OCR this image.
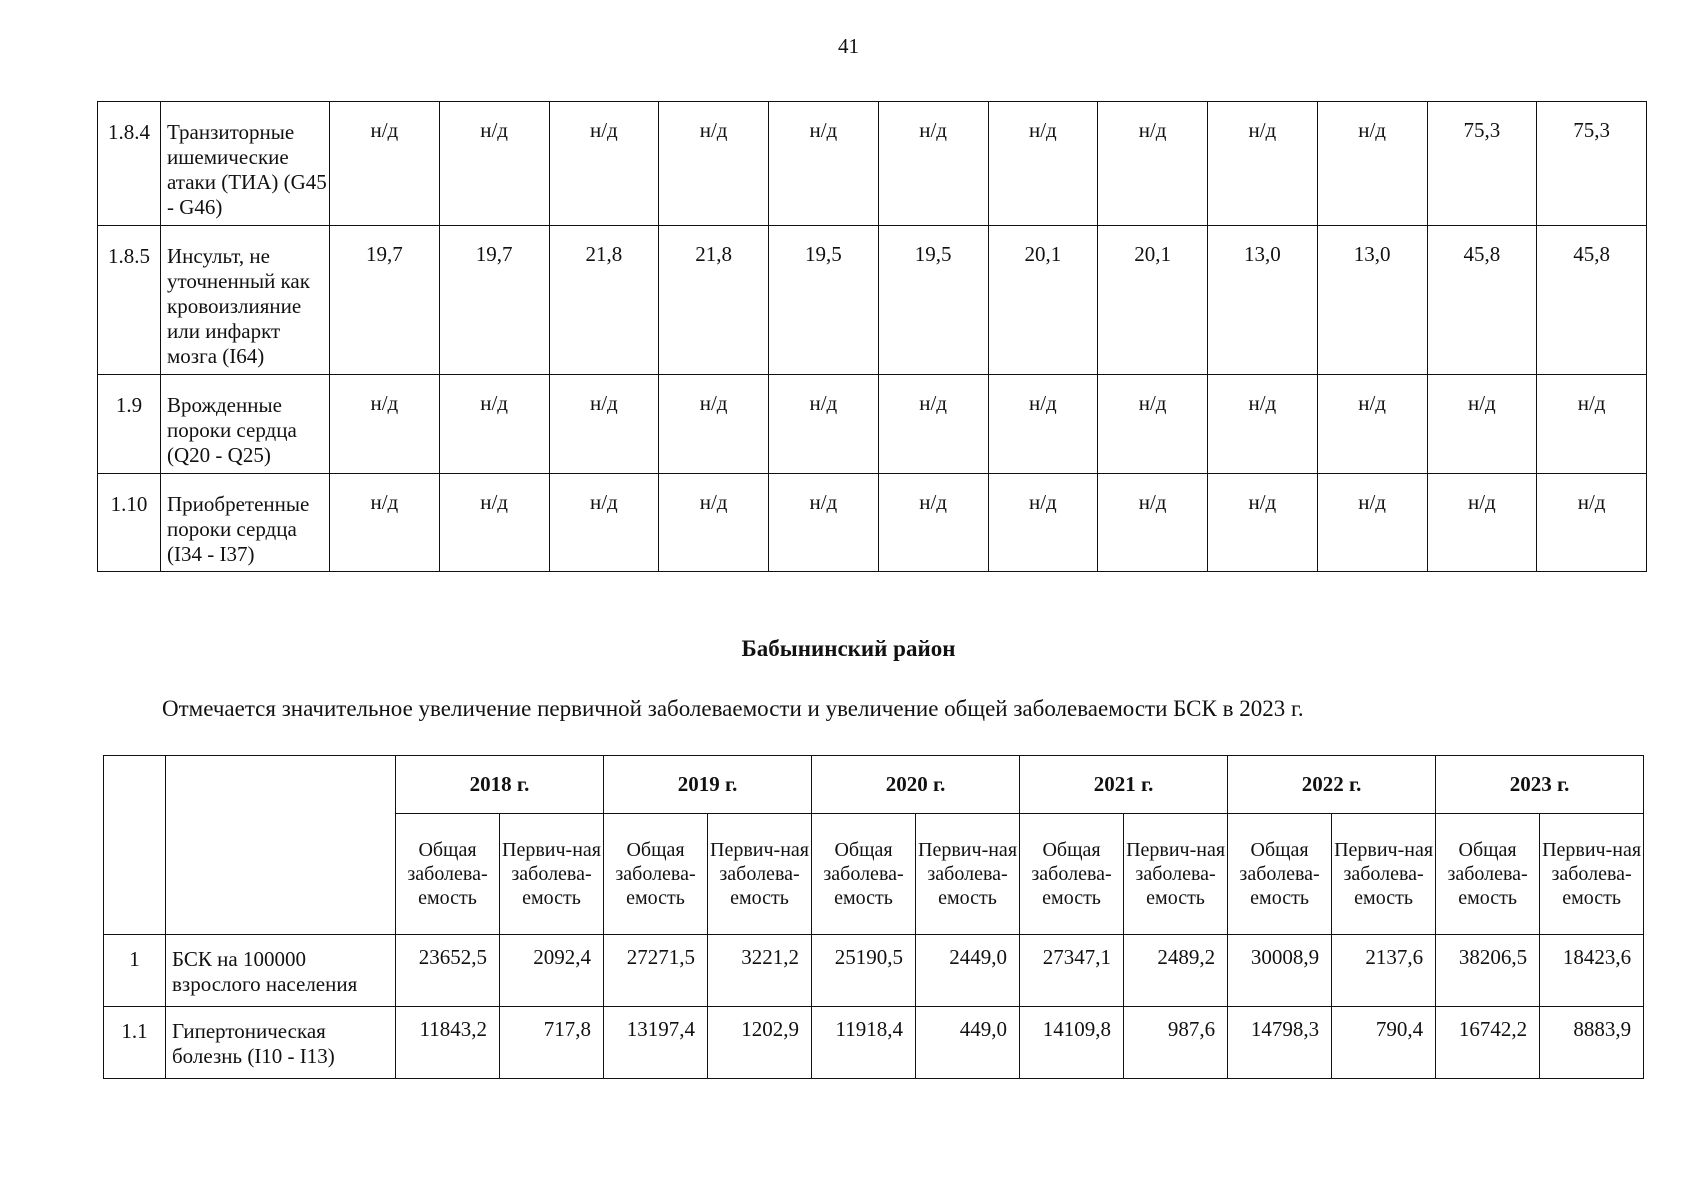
41
1.8.4	Транзиторные ишемические атаки (ТИА) (G45 - G46)	н/д	н/д	н/д	н/д	н/д	н/д	н/д	н/д	н/д	н/д	75,3	75,3
1.8.5	Инсульт, не уточненный как кровоизлияние или инфаркт мозга (I64)	19,7	19,7	21,8	21,8	19,5	19,5	20,1	20,1	13,0	13,0	45,8	45,8
1.9	Врожденные пороки сердца (Q20 - Q25)	н/д	н/д	н/д	н/д	н/д	н/д	н/д	н/д	н/д	н/д	н/д	н/д
1.10	Приобретенные пороки сердца (I34 - I37)	н/д	н/д	н/д	н/д	н/д	н/д	н/д	н/д	н/д	н/д	н/д	н/д
Бабынинский район
Отмечается значительное увеличение первичной заболеваемости и увеличение общей заболеваемости БСК в 2023 г.
		2018 г.		2019 г.		2020 г.		2021 г.		2022 г.		2023 г.	
		Общая заболева-емость	Первич-ная заболева-емость	Общая заболева-емость	Первич-ная заболева-емость	Общая заболева-емость	Первич-ная заболева-емость	Общая заболева-емость	Первич-ная заболева-емость	Общая заболева-емость	Первич-ная заболева-емость	Общая заболева-емость	Первич-ная заболева-емость
1	БСК на 100000 взрослого населения	23652,5	2092,4	27271,5	3221,2	25190,5	2449,0	27347,1	2489,2	30008,9	2137,6	38206,5	18423,6
1.1	Гипертоническая болезнь (I10 - I13)	11843,2	717,8	13197,4	1202,9	11918,4	449,0	14109,8	987,6	14798,3	790,4	16742,2	8883,9
